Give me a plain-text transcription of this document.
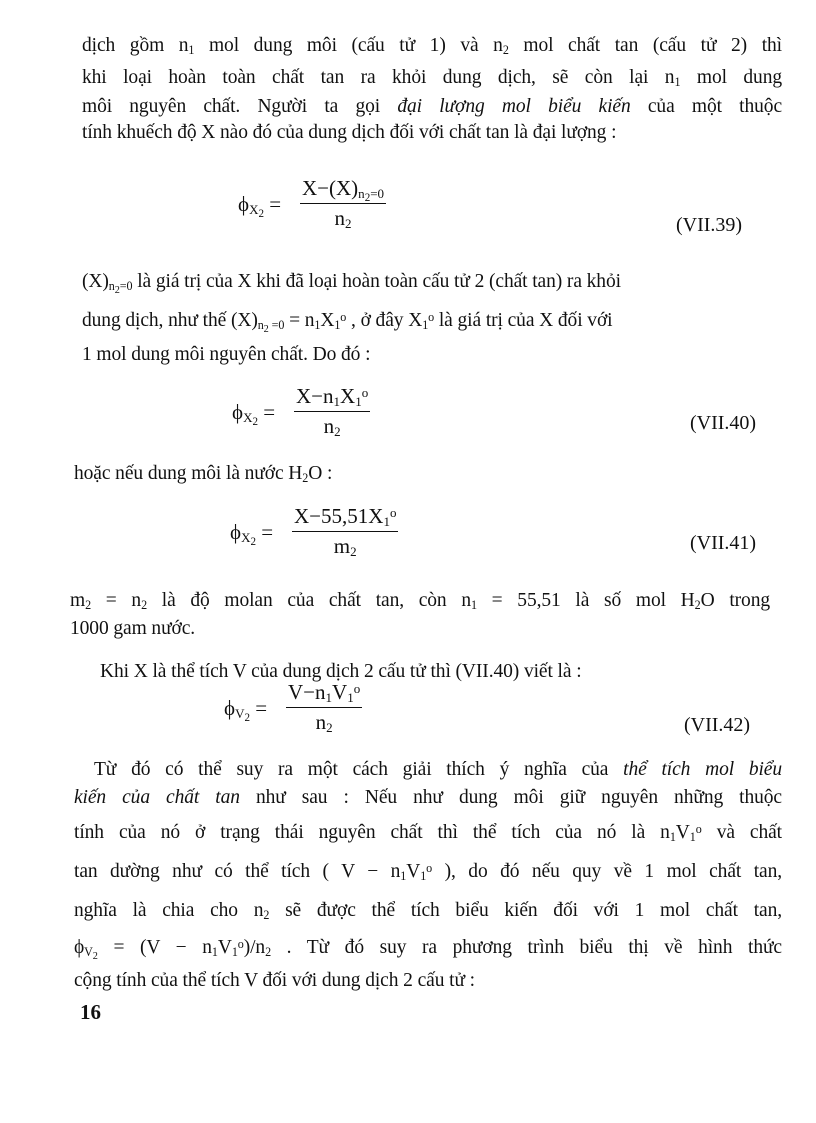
dịch gồm $n_1$ mol dung môi (cấu tử 1) và $n_2$ mol chất tan (cấu tử 2) thì
khi loại hoàn toàn chất tan ra khỏi dung dịch, sẽ còn lại $n_1$ mol dung
môi nguyên chất. Người ta gọi đại lượng mol biểu kiến của một thuộc
tính khuếch độ X nào đó của dung dịch đối với chất tan là đại lượng :
$\phi_{X_2}$ =
$X-(X)_{n_2=0}$
$n_2$	(VII.39)
$(X)_{n_2=0}$ là giá trị của X khi đã loại hoàn toàn cấu tử 2 (chất tan) ra khỏi
dung dịch, như thế $(X)_{n_2 =0} = n_1X_1^o$ , ở đây $X_1^o$ là giá trị của X đối với
1 mol dung môi nguyên chất. Do đó :
$\phi_{X_2}$ =
$X-n_1X_1^o$
$n_2$	(VII.40)
hoặc nếu dung môi là nước $H_2O$ :
$\phi_{X_2}$ =
$X-55,51X_1^o$
$m_2$	(VII.41)
$m_2 = n_2$ là độ molan của chất tan, còn $n_1 = 55,51$ là số mol $H_2O$ trong
1000 gam nước.
Khi X là thể tích V của dung dịch 2 cấu tử thì (VII.40) viết là :
$\phi_{V_2}$ =
$V-n_1V_1^o$
$n_2$	(VII.42)
Từ đó có thể suy ra một cách giải thích ý nghĩa của thể tích mol biểu
kiến của chất tan như sau : Nếu như dung môi giữ nguyên những thuộc
tính của nó ở trạng thái nguyên chất thì thể tích của nó là $n_1V_1^o$ và chất
tan dường như có thể tích ( $V - n_1V_1^o$ ), do đó nếu quy về 1 mol chất tan,
nghĩa là chia cho $n_2$ sẽ được thể tích biểu kiến đối với 1 mol chất tan,
$\phi_{V_2} = (V - n_1V_1^o)/n_2$ . Từ đó suy ra phương trình biểu thị về hình thức
cộng tính của thể tích V đối với dung dịch 2 cấu tử :
16
